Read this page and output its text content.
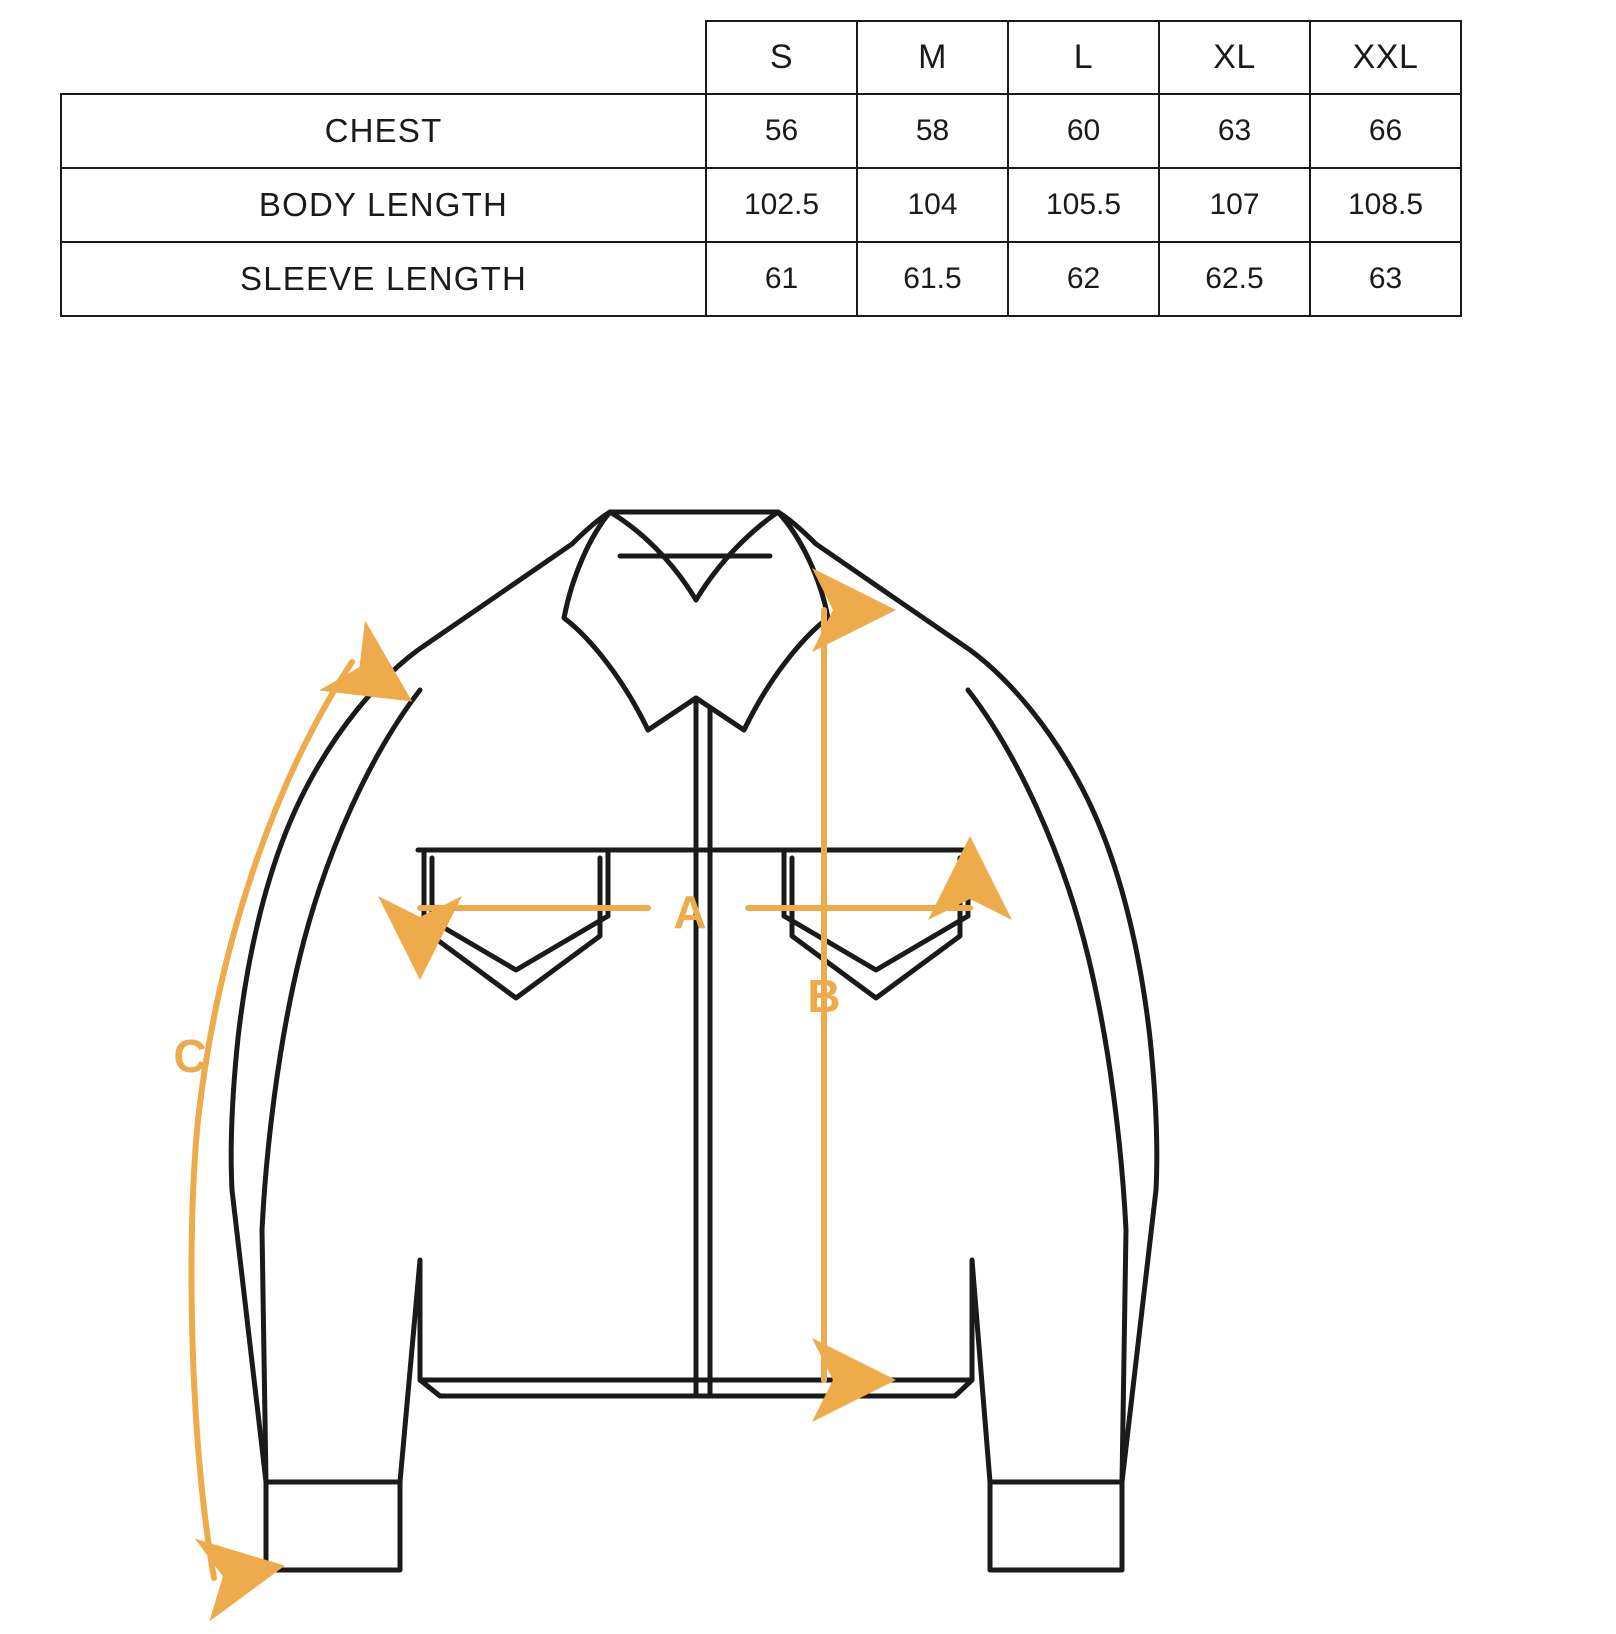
	S	M	L	XL	XXL
CHEST	56	58	60	63	66
BODY LENGTH	102.5	104	105.5	107	108.5
SLEEVE LENGTH	61	61.5	62	62.5	63
A
B
C
